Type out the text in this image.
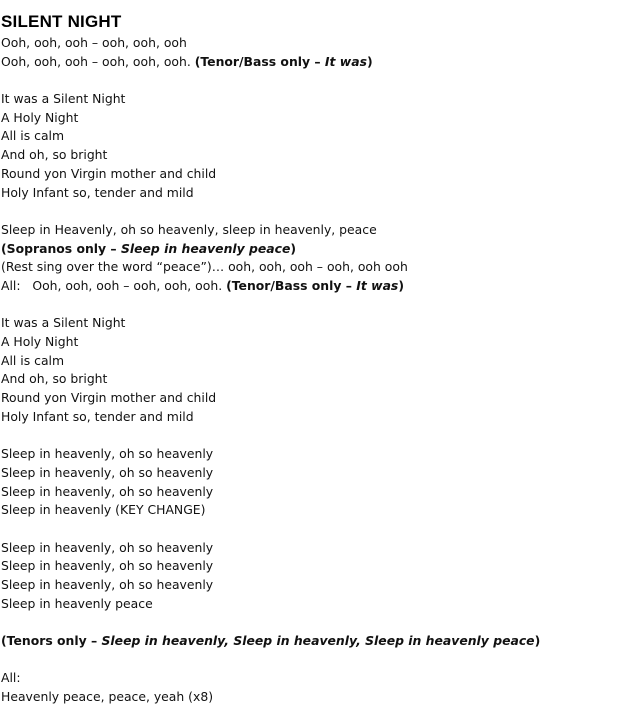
SILENT NIGHT
Ooh, ooh, ooh – ooh, ooh, ooh
Ooh, ooh, ooh – ooh, ooh, ooh. (Tenor/Bass only – It was)
It was a Silent Night
A Holy Night
All is calm
And oh, so bright
Round yon Virgin mother and child
Holy Infant so, tender and mild
Sleep in Heavenly, oh so heavenly, sleep in heavenly, peace
(Sopranos only – Sleep in heavenly peace)
(Rest sing over the word “peace”)… ooh, ooh, ooh – ooh, ooh ooh
All:   Ooh, ooh, ooh – ooh, ooh, ooh. (Tenor/Bass only – It was)
It was a Silent Night
A Holy Night
All is calm
And oh, so bright
Round yon Virgin mother and child
Holy Infant so, tender and mild
Sleep in heavenly, oh so heavenly
Sleep in heavenly, oh so heavenly
Sleep in heavenly, oh so heavenly
Sleep in heavenly (KEY CHANGE)
Sleep in heavenly, oh so heavenly
Sleep in heavenly, oh so heavenly
Sleep in heavenly, oh so heavenly
Sleep in heavenly peace
(Tenors only – Sleep in heavenly, Sleep in heavenly, Sleep in heavenly peace)
All:
Heavenly peace, peace, yeah (x8)
